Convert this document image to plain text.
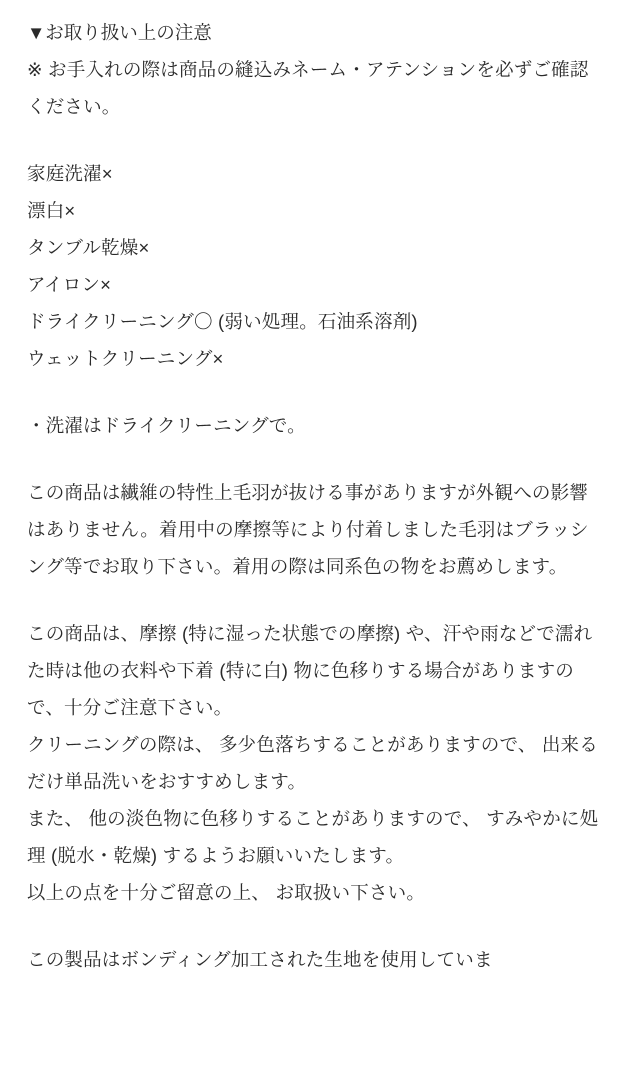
▼お取り扱い上の注意
※ お手入れの際は商品の縫込みネーム・アテンションを必ずご確認ください。
家庭洗濯×
漂白×
タンブル乾燥×
アイロン×
ドライクリーニング〇 (弱い処理。石油系溶剤)
ウェットクリーニング×
・洗濯はドライクリーニングで。
この商品は繊維の特性上毛羽が抜ける事がありますが外観への影響はありません。着用中の摩擦等により付着しました毛羽はブラッシング等でお取り下さい。着用の際は同系色の物をお薦めします。
この商品は、摩擦 (特に湿った状態での摩擦) や、汗や雨などで濡れた時は他の衣料や下着 (特に白) 物に色移りする場合がありますので、十分ご注意下さい。
クリーニングの際は、 多少色落ちすることがありますので、 出来るだけ単品洗いをおすすめします。
また、 他の淡色物に色移りすることがありますので、 すみやかに処理 (脱水・乾燥) するようお願いいたします。
以上の点を十分ご留意の上、 お取扱い下さい。
この製品はボンディング加工された生地を使用していま
